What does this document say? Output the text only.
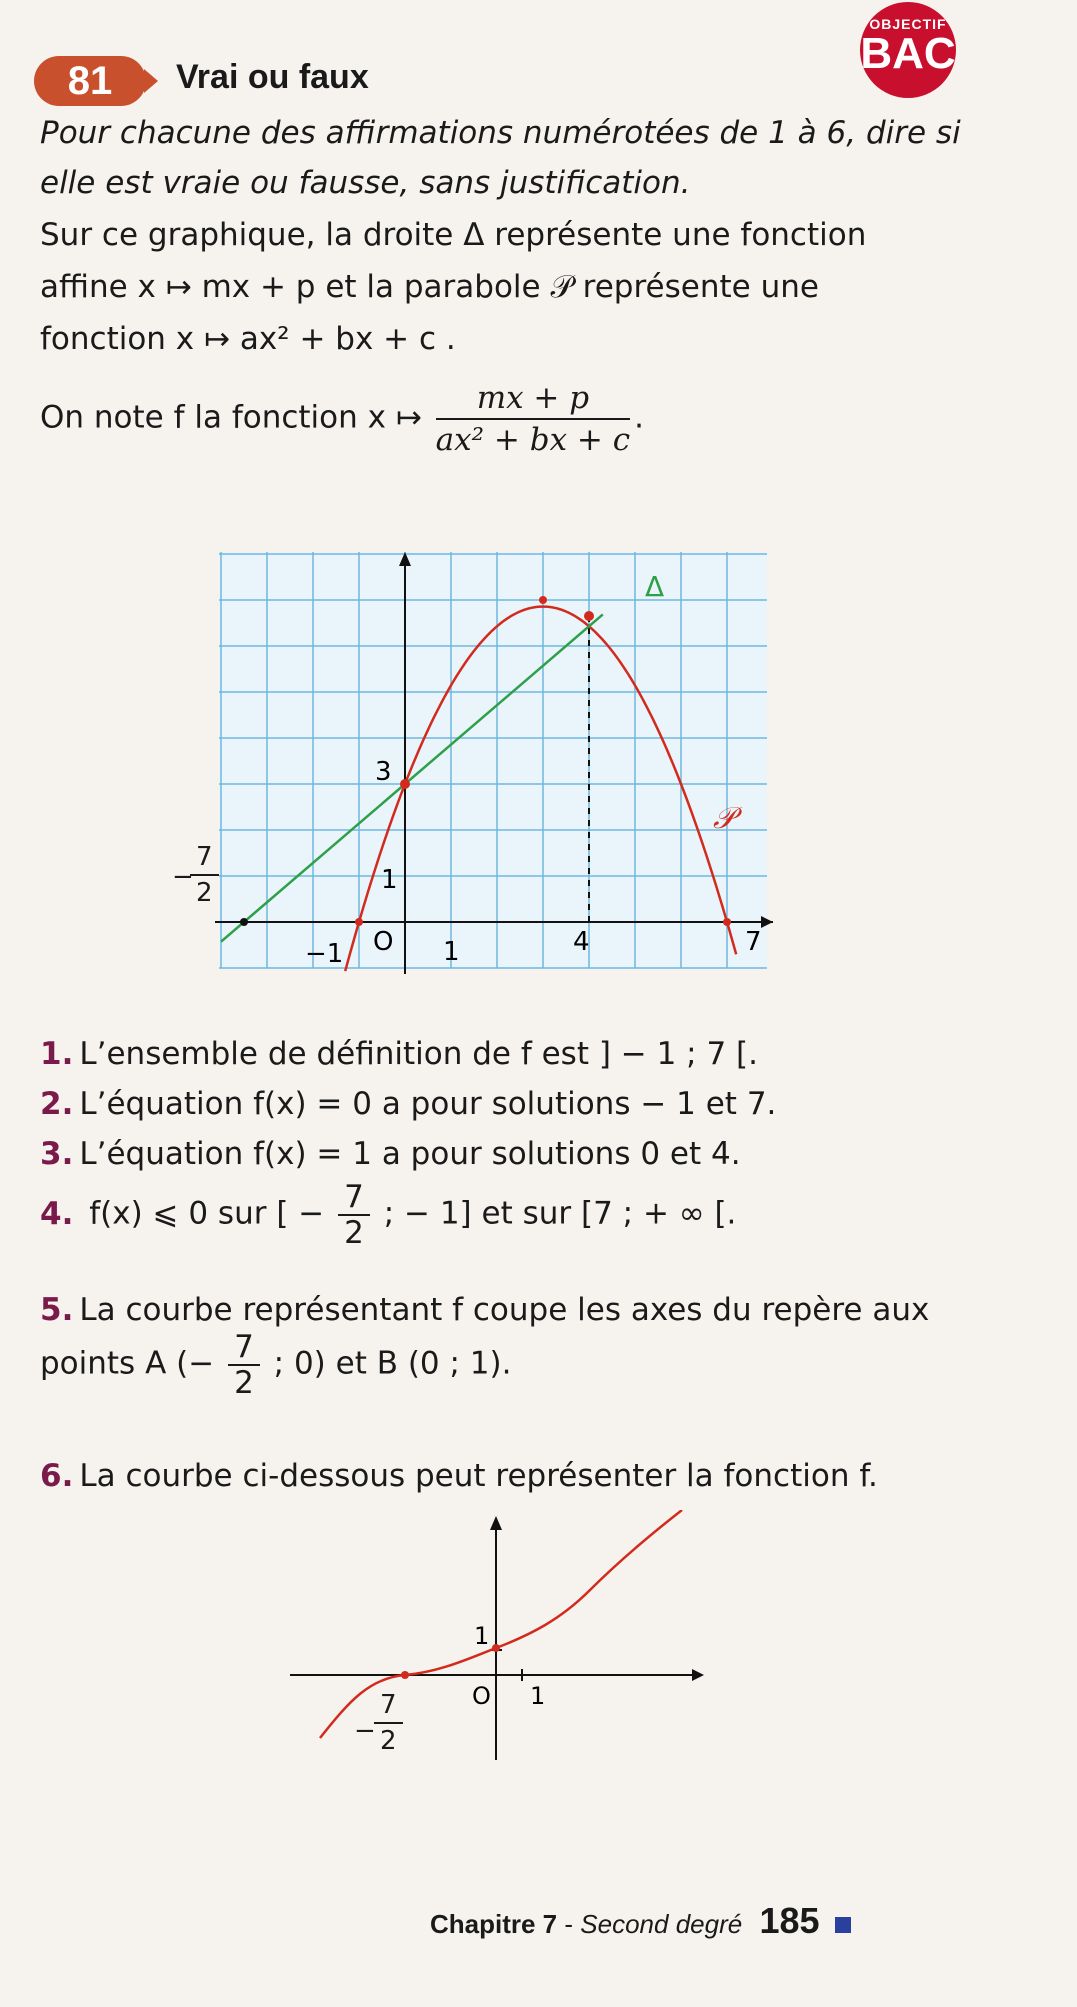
81 Vrai ou faux
OBJECTIF
BAC
Pour chacune des affirmations numérotées de 1 à 6, dire si
elle est vraie ou fausse, sans justification.
Sur ce graphique, la droite Δ représente une fonction
affine x ↦ mx + p et la parabole 𝒫 représente une
fonction x ↦ ax² + bx + c .
On note f la fonction x ↦ $\frac{mx + p}{\text{ax² + bx + c}}$ .
Δ
𝒫
3
1
−1 O 1	4	7
−
$\frac{7}{2}$
1. L’ensemble de définition de f est ] − 1 ; 7 [.
2. L’équation f(x) = 0 a pour solutions − 1 et 7.
3. L’équation f(x) = 1 a pour solutions 0 et 4.
4. f(x) ⩽ 0 sur [ − $\frac{7}{2}$ ; − 1] et sur [7 ; + ∞ [.
5. La courbe représentant f coupe les axes du repère aux
points A (− $\frac{7}{2}$ ; 0) et B (0 ; 1).
6. La courbe ci-dessous peut représenter la fonction f.
1
O 1
−
$\frac{7}{2}$
Chapitre 7 - Second degré 185
